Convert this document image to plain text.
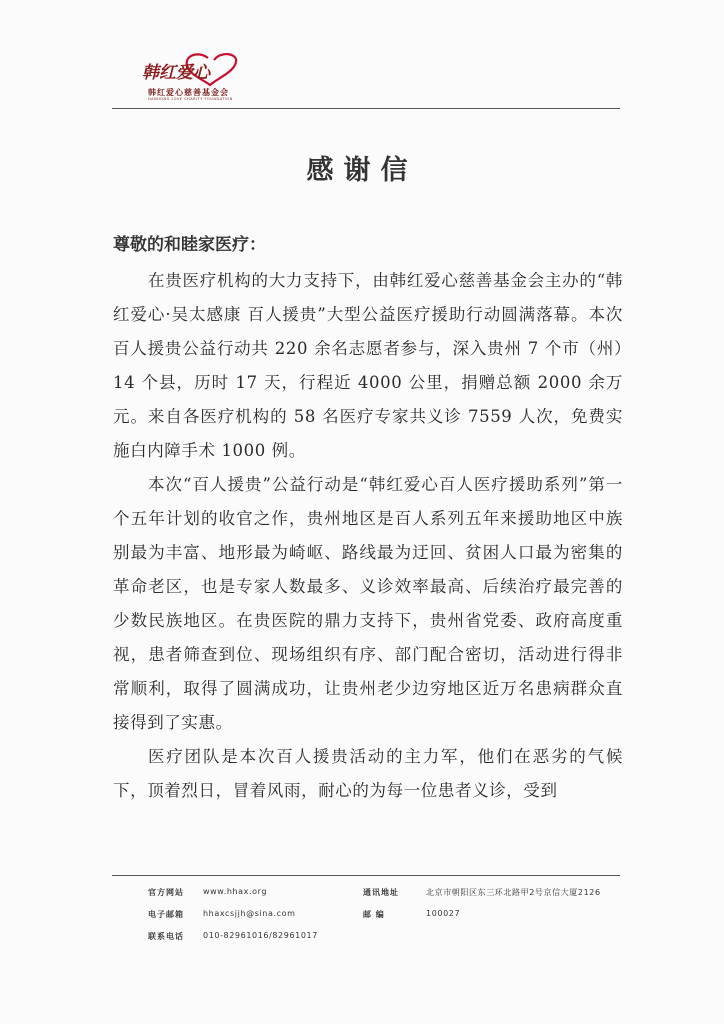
韩红爱心
韩红爱心慈善基金会
HANHONG LOVE CHARITY FOUNDATION
感谢信
尊敬的和睦家医疗：

在贵医疗机构的大力支持下，由韩红爱心慈善基金会主办的“韩红爱心·吴太感康 百人援贵”大型公益医疗援助行动圆满落幕。本次百人援贵公益行动共 220 余名志愿者参与，深入贵州 7 个市（州）14 个县，历时 17 天，行程近 4000 公里，捐赠总额 2000 余万元。来自各医疗机构的 58 名医疗专家共义诊 7559 人次，免费实施白内障手术 1000 例。

本次“百人援贵”公益行动是“韩红爱心百人医疗援助系列”第一个五年计划的收官之作，贵州地区是百人系列五年来援助地区中族别最为丰富、地形最为崎岖、路线最为迂回、贫困人口最为密集的革命老区，也是专家人数最多、义诊效率最高、后续治疗最完善的少数民族地区。在贵医院的鼎力支持下，贵州省党委、政府高度重视，患者筛查到位、现场组织有序、部门配合密切，活动进行得非常顺利，取得了圆满成功，让贵州老少边穷地区近万名患病群众直接得到了实惠。

医疗团队是本次百人援贵活动的主力军，他们在恶劣的气候下，顶着烈日，冒着风雨，耐心的为每一位患者义诊，受到

官方网站 www.hhax.org	通讯地址	北京市朝阳区东三环北路甲2号京信大厦2126
电子邮箱 hhaxcsjjh@sina.com	邮 编	100027
联系电话 010-82961016/82961017
